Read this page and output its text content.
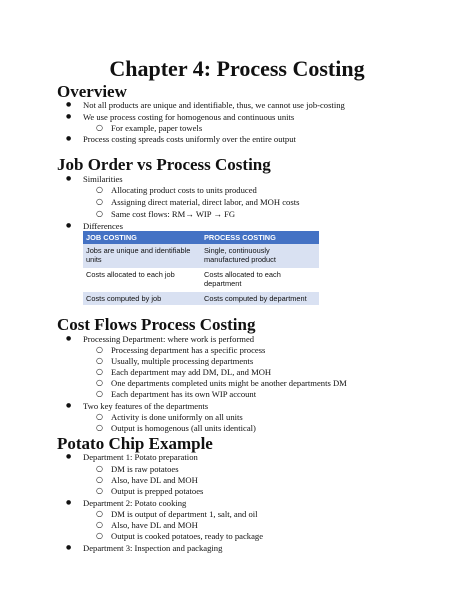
Chapter 4: Process Costing
Overview
● Not all products are unique and identifiable, thus, we cannot use job-costing
● We use process costing for homogenous and continuous units
○ For example, paper towels
● Process costing spreads costs uniformly over the entire output
Job Order vs Process Costing
● Similarities
○ Allocating product costs to units produced
○ Assigning direct material, direct labor, and MOH costs
○ Same cost flows: RM→ WIP → FG
● Differences
JOB COSTING	PROCESS COSTING
Jobs are unique and identifiable units	Single, continuously manufactured product
Costs allocated to each job	Costs allocated to each department
Costs computed by job	Costs computed by department
Cost Flows Process Costing
● Processing Department: where work is performed
○ Processing department has a specific process
○ Usually, multiple processing departments
○ Each department may add DM, DL, and MOH
○ One departments completed units might be another departments DM
○ Each department has its own WIP account
● Two key features of the departments
○ Activity is done uniformly on all units
○ Output is homogenous (all units identical)
Potato Chip Example
● Department 1: Potato preparation
○ DM is raw potatoes
○ Also, have DL and MOH
○ Output is prepped potatoes
● Department 2: Potato cooking
○ DM is output of department 1, salt, and oil
○ Also, have DL and MOH
○ Output is cooked potatoes, ready to package
● Department 3: Inspection and packaging
